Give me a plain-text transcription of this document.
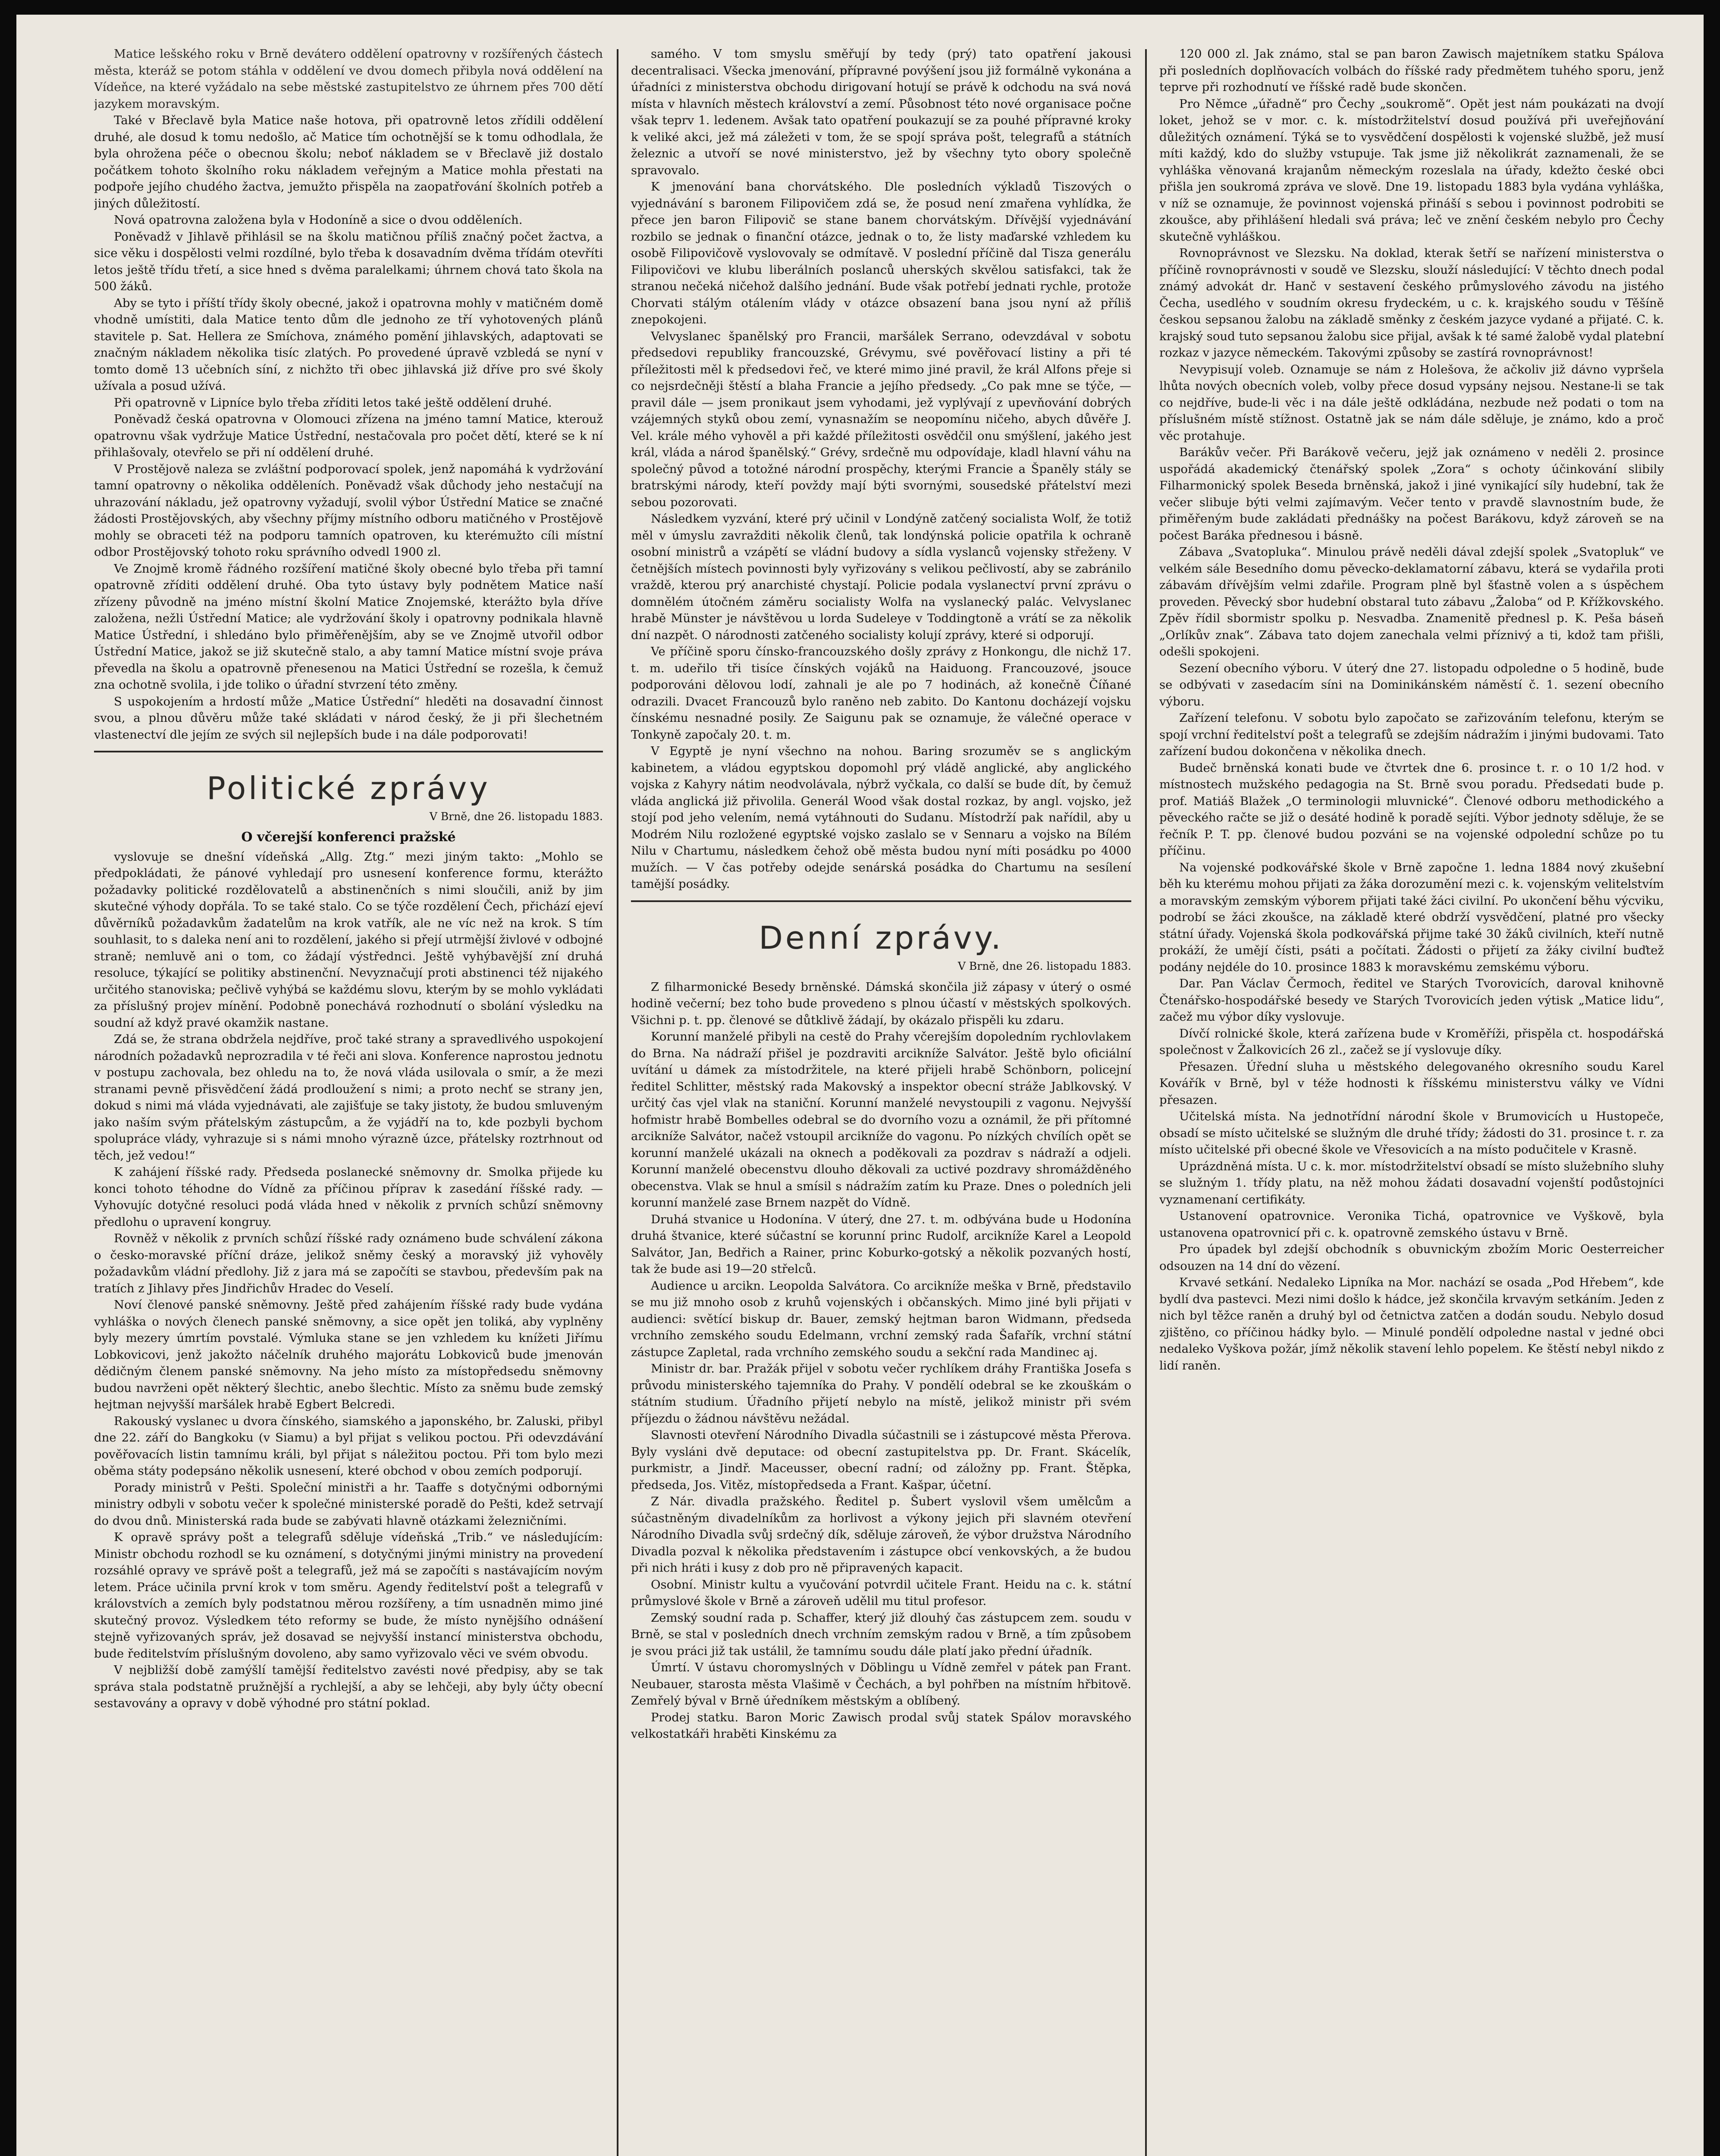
Matice lešského roku v Brně devátero oddělení opatrovny v rozšířených částech města, kteráž se potom stáhla v oddělení ve dvou domech přibyla nová oddělení na Vídeňce, na které vyžádalo na sebe městské zastupitelstvo ze úhrnem přes 700 dětí jazykem moravským.

Také v Břeclavě byla Matice naše hotova, při opatrovně letos zřídili oddělení druhé, ale dosud k tomu nedošlo, ač Matice tím ochotnější se k tomu odhodlala, že byla ohrožena péče o obecnou školu; neboť nákladem se v Břeclavě již dostalo počátkem tohoto školního roku nákladem veřejným a Matice mohla přestati na podpoře jejího chudého žactva, jemužto přispěla na zaopatřování školních potřeb a jiných důležitostí.

Nová opatrovna založena byla v Hodoníně a sice o dvou odděleních.

Poněvadž v Jihlavě přihlásil se na školu matičnou příliš značný počet žactva, a sice věku i dospělosti velmi rozdílné, bylo třeba k dosavadním dvěma třídám otevříti letos ještě třídu třetí, a sice hned s dvěma paralelkami; úhrnem chová tato škola na 500 žáků.

Aby se tyto i příští třídy školy obecné, jakož i opatrovna mohly v matičném domě vhodně umístiti, dala Matice tento dům dle jednoho ze tří vyhotovených plánů stavitele p. Sat. Hellera ze Smíchova, známého pomění jihlavských, adaptovati se značným nákladem několika tisíc zlatých. Po provedené úpravě vzbledá se nyní v tomto domě 13 učebních síní, z nichžto tři obec jihlavská již dříve pro své školy užívala a posud užívá.

Při opatrovně v Lipníce bylo třeba zříditi letos také ještě oddělení druhé.

Poněvadž česká opatrovna v Olomouci zřízena na jméno tamní Matice, kterouž opatrovnu však vydržuje Matice Ústřední, nestačovala pro počet dětí, které se k ní přihlašovaly, otevřelo se při ní oddělení druhé.

V Prostějově naleza se zvláštní podporovací spolek, jenž napomáhá k vydržování tamní opatrovny o několika odděleních. Poněvadž však důchody jeho nestačují na uhrazování nákladu, jež opatrovny vyžadují, svolil výbor Ústřední Matice se značné žádosti Prostějovských, aby všechny příjmy místního odboru matičného v Prostějově mohly se obraceti též na podporu tamních opatroven, ku kterémužto cíli místní odbor Prostějovský tohoto roku správního odvedl 1900 zl.

Ve Znojmě kromě řádného rozšíření matičné školy obecné bylo třeba při tamní opatrovně zříditi oddělení druhé. Oba tyto ústavy byly podnětem Matice naší zřízeny původně na jméno místní školní Matice Znojemské, kterážto byla dříve založena, nežli Ústřední Matice; ale vydržování školy i opatrovny podnikala hlavně Matice Ústřední, i shledáno bylo přiměřenějším, aby se ve Znojmě utvořil odbor Ústřední Matice, jakož se již skutečně stalo, a aby tamní Matice místní svoje práva převedla na školu a opatrovně přenesenou na Matici Ústřední se rozešla, k čemuž zna ochotně svolila, i jde toliko o úřadní stvrzení této změny.

S uspokojením a hrdostí může „Matice Ústřední“ hleděti na dosavadní činnost svou, a plnou důvěru může také skládati v národ český, že ji při šlechetném vlastenectví dle jejím ze svých sil nejlepších bude i na dále podporovati!

Politické zprávy
V Brně, dne 26. listopadu 1883.
O včerejší konferenci pražské

vyslovuje se dnešní vídeňská „Allg. Ztg.“ mezi jiným takto: „Mohlo se předpokládati, že pánové vyhledají pro usnesení konference formu, kterážto požadavky politické rozdělovatelů a abstinenčních s nimi sloučili, aniž by jim skutečné výhody dopřála. To se také stalo. Co se týče rozdělení Čech, přichází ejeví důvěrníků požadavkům žadatelům na krok vatřík, ale ne víc než na krok. S tím souhlasit, to s daleka není ani to rozdělení, jakého si přejí utrmější živlové v odbojné straně; nemluvě ani o tom, co žádají výstřednci. Ještě vyhýbavější zní druhá resoluce, týkající se politiky abstinenční. Nevyznačují proti abstinenci též nijakého určitého stanoviska; pečlivě vyhýbá se každému slovu, kterým by se mohlo vykládati za příslušný projev mínění. Podobně ponechává rozhodnutí o sbolání výsledku na soudní až když pravé okamžik nastane.

Zdá se, že strana obdržela nejdříve, proč také strany a spravedlivého uspokojení národních požadavků neprozradila v té řeči ani slova. Konference naprostou jednotu v postupu zachovala, bez ohledu na to, že nová vláda usilovala o smír, a že mezi stranami pevně přisvědčení žádá prodloužení s nimi; a proto nechť se strany jen, dokud s nimi má vláda vyjednávati, ale zajišťuje se taky jistoty, že budou smluveným jako naším svým přátelským zástupcům, a že vyjádří na to, kde pozbyli bychom spolupráce vlády, vyhrazuje si s námi mnoho výrazně úzce, přátelsky roztrhnout od těch, jež vedou!“

K zahájení říšské rady. Předseda poslanecké sněmovny dr. Smolka přijede ku konci tohoto téhodne do Vídně za příčinou příprav k zasedání říšské rady. — Vyhovujíc dotyčné resoluci podá vláda hned v několik z prvních schůzí sněmovny předlohu o upravení kongruy.

Rovněž v několik z prvních schůzí říšské rady oznámeno bude schválení zákona o česko-moravské příční dráze, jelikož sněmy český a moravský již vyhověly požadavkům vládní předlohy. Již z jara má se započíti se stavbou, především pak na tratích z Jihlavy přes Jindřichův Hradec do Veselí.

Noví členové panské sněmovny. Ještě před zahájením říšské rady bude vydána vyhláška o nových členech panské sněmovny, a sice opět jen toliká, aby vyplněny byly mezery úmrtím povstalé. Výmluka stane se jen vzhledem ku knížeti Jiřímu Lobkovicovi, jenž jakožto náčelník druhého majorátu Lobkoviců bude jmenován dědičným členem panské sněmovny. Na jeho místo za místopředsedu sněmovny budou navrženi opět některý šlechtic, anebo šlechtic. Místo za sněmu bude zemský hejtman nejvyšší maršálek hrabě Egbert Belcredi.

Rakouský vyslanec u dvora čínského, siamského a japonského, br. Zaluski, přibyl dne 22. září do Bangkoku (v Siamu) a byl přijat s velikou poctou. Při odevzdávání pověřovacích listin tamnímu králi, byl přijat s náležitou poctou. Při tom bylo mezi oběma státy podepsáno několik usnesení, které obchod v obou zemích podporují.

Porady ministrů v Pešti. Společní ministři a hr. Taaffe s dotyčnými odbornými ministry odbyli v sobotu večer k společné ministerské poradě do Pešti, kdež setrvají do dvou dnů. Ministerská rada bude se zabývati hlavně otázkami železničními.

K opravě správy pošt a telegrafů sděluje vídeňská „Trib.“ ve následujícím: Ministr obchodu rozhodl se ku oznámení, s dotyčnými jinými ministry na provedení rozsáhlé opravy ve správě pošt a telegrafů, jež má se započíti s nastávajícím novým letem. Práce učinila první krok v tom směru. Agendy ředitelství pošt a telegrafů v královstvích a zemích byly podstatnou měrou rozšířeny, a tím usnadněn mimo jiné skutečný provoz. Výsledkem této reformy se bude, že místo nynějšího odnášení stejně vyřizovaných správ, jež dosavad se nejvyšší instancí ministerstva obchodu, bude ředitelstvím příslušným dovoleno, aby samo vyřizovalo věci ve svém obvodu.

V nejbližší době zamýšlí tamější ředitelstvo zavésti nové předpisy, aby se tak správa stala podstatně pružnější a rychlejší, a aby se lehčeji, aby byly účty obecní sestavovány a opravy v době výhodné pro státní poklad.

samého. V tom smyslu směřují by tedy (prý) tato opatření jakousi decentralisaci. Všecka jmenování, přípravné povýšení jsou již formálně vykonána a úřadníci z ministerstva obchodu dirigovaní hotují se právě k odchodu na svá nová místa v hlavních městech království a zemí. Působnost této nové organisace počne však teprv 1. ledenem. Avšak tato opatření poukazují se za pouhé přípravné kroky k veliké akci, jež má záležeti v tom, že se spojí správa pošt, telegrafů a státních železnic a utvoří se nové ministerstvo, jež by všechny tyto obory společně spravovalo.

K jmenování bana chorvátského. Dle posledních výkladů Tiszových o vyjednávání s baronem Filipovičem zdá se, že posud není zmařena vyhlídka, že přece jen baron Filipovič se stane banem chorvátským. Dřívější vyjednávání rozbilo se jednak o finanční otázce, jednak o to, že listy maďarské vzhledem ku osobě Filipovičově vyslovovaly se odmítavě. V poslední příčině dal Tisza generálu Filipovičovi ve klubu liberálních poslanců uherských skvělou satisfakci, tak že stranou nečeká ničehož dalšího jednání. Bude však potřebí jednati rychle, protože Chorvati stálým otálením vlády v otázce obsazení bana jsou nyní až příliš znepokojeni.

Velvyslanec španělský pro Francii, maršálek Serrano, odevzdával v sobotu předsedovi republiky francouzské, Grévymu, své pověřovací listiny a při té příležitosti měl k předsedovi řeč, ve které mimo jiné pravil, že král Alfons přeje si co nejsrdečněji štěstí a blaha Francie a jejího předsedy. „Co pak mne se týče, — pravil dále — jsem pronikaut jsem vyhodami, jež vyplývají z upevňování dobrých vzájemných styků obou zemí, vynasnažím se neopomínu ničeho, abych důvěře J. Vel. krále mého vyhověl a při každé příležitosti osvědčil onu smýšlení, jakého jest král, vláda a národ španělský.“ Grévy, srdečně mu odpovídaje, kladl hlavní váhu na společný původ a totožné národní prospěchy, kterými Francie a Španěly stály se bratrskými národy, kteří povždy mají býti svornými, sousedské přátelství mezi sebou pozorovati.

Následkem vyzvání, které prý učinil v Londýně zatčený socialista Wolf, že totiž měl v úmyslu zavražditi několik členů, tak londýnská policie opatřila k ochraně osobní ministrů a vzápětí se vládní budovy a sídla vyslanců vojensky střeženy. V četnějších místech povinnosti byly vyřizovány s velikou pečlivostí, aby se zabránilo vraždě, kterou prý anarchisté chystají. Policie podala vyslanectví první zprávu o domnělém útočném záměru socialisty Wolfa na vyslanecký palác. Velvyslanec hrabě Münster je návštěvou u lorda Sudeleye v Toddingtoně a vrátí se za několik dní nazpět. O národnosti zatčeného socialisty kolují zprávy, které si odporují.

Ve příčině sporu čínsko-francouzského došly zprávy z Honkongu, dle nichž 17. t. m. udeřilo tři tisíce čínských vojáků na Haiduong. Francouzové, jsouce podporováni dělovou lodí, zahnali je ale po 7 hodinách, až konečně Číňané odrazili. Dvacet Francouzů bylo raněno neb zabito. Do Kantonu docházejí vojsku čínskému nesnadné posily. Ze Saigunu pak se oznamuje, že válečné operace v Tonkyně započaly 20. t. m.

V Egyptě je nyní všechno na nohou. Baring srozuměv se s anglickým kabinetem, a vládou egyptskou dopomohl prý vládě anglické, aby anglického vojska z Kahyry nátim neodvolávala, nýbrž vyčkala, co další se bude dít, by čemuž vláda anglická již přivolila. Generál Wood však dostal rozkaz, by angl. vojsko, jež stojí pod jeho velením, nemá vytáhnouti do Sudanu. Místodrží pak nařídil, aby u Modrém Nilu rozložené egyptské vojsko zaslalo se v Sennaru a vojsko na Bílém Nilu v Chartumu, následkem čehož obě města budou nyní míti posádku po 4000 mužích. — V čas potřeby odejde senárská posádka do Chartumu na sesílení tamější posádky.

Denní zprávy.
V Brně, dne 26. listopadu 1883.

Z filharmonické Besedy brněnské. Dámská skončila již zápasy v úterý o osmé hodině večerní; bez toho bude provedeno s plnou účastí v městských spolkových. Všichni p. t. pp. členové se důtklivě žádají, by okázalo přispěli ku zdaru.

Korunní manželé přibyli na cestě do Prahy včerejším dopoledním rychlovlakem do Brna. Na nádraží přišel je pozdraviti arcikníže Salvátor. Ještě bylo oficiální uvítání u dámek za místodržitele, na které přijeli hrabě Schönborn, policejní ředitel Schlitter, městský rada Makovský a inspektor obecní stráže Jablkovský. V určitý čas vjel vlak na staniční. Korunní manželé nevystoupili z vagonu. Nejvyšší hofmistr hrabě Bombelles odebral se do dvorního vozu a oznámil, že při přítomné arcikníže Salvátor, načež vstoupil arcikníže do vagonu. Po nízkých chvílích opět se korunní manželé ukázali na oknech a poděkovali za pozdrav s nádraží a odjeli. Korunní manželé obecenstvu dlouho děkovali za uctivé pozdravy shromážděného obecenstva. Vlak se hnul a smísil s nádražím zatím ku Praze. Dnes o poledních jeli korunní manželé zase Brnem nazpět do Vídně.

Druhá stvanice u Hodonína. V úterý, dne 27. t. m. odbývána bude u Hodonína druhá štvanice, které súčastní se korunní princ Rudolf, arcikníže Karel a Leopold Salvátor, Jan, Bedřich a Rainer, princ Koburko-gotský a několik pozvaných hostí, tak že bude asi 19—20 střelců.

Audience u arcikn. Leopolda Salvátora. Co arcikníže meška v Brně, představilo se mu již mnoho osob z kruhů vojenských i občanských. Mimo jiné byli přijati v audienci: světící biskup dr. Bauer, zemský hejtman baron Widmann, předseda vrchního zemského soudu Edelmann, vrchní zemský rada Šafařík, vrchní státní zástupce Zapletal, rada vrchního zemského soudu a sekční rada Mandinec aj.

Ministr dr. bar. Pražák přijel v sobotu večer rychlíkem dráhy Františka Josefa s průvodu ministerského tajemníka do Prahy. V pondělí odebral se ke zkouškám o státním studium. Úřadního přijetí nebylo na místě, jelikož ministr při svém příjezdu o žádnou návštěvu nežádal.

Slavnosti otevření Národního Divadla súčastnili se i zástupcové města Přerova. Byly vysláni dvě deputace: od obecní zastupitelstva pp. Dr. Frant. Skácelík, purkmistr, a Jindř. Maceusser, obecní radní; od záložny pp. Frant. Štěpka, předseda, Jos. Vitěz, místopředseda a Frant. Kašpar, účetní.

Z Nár. divadla pražského. Ředitel p. Šubert vyslovil všem umělcům a súčastněným divadelníkům za horlivost a výkony jejich při slavném otevření Národního Divadla svůj srdečný dík, sděluje zároveň, že výbor družstva Národního Divadla pozval k několika představením i zástupce obcí venkovských, a že budou při nich hráti i kusy z dob pro ně připravených kapacit.

Osobní. Ministr kultu a vyučování potvrdil učitele Frant. Heidu na c. k. státní průmyslové škole v Brně a zároveň udělil mu titul profesor.

Zemský soudní rada p. Schaffer, který již dlouhý čas zástupcem zem. soudu v Brně, se stal v posledních dnech vrchním zemským radou v Brně, a tím způsobem je svou práci již tak ustálil, že tamnímu soudu dále platí jako přední úřadník.

Úmrtí. V ústavu choromyslných v Döblingu u Vídně zemřel v pátek pan Frant. Neubauer, starosta města Vlašimě v Čechách, a byl pohřben na místním hřbitově. Zemřelý býval v Brně úředníkem městským a oblíbený.

Prodej statku. Baron Moric Zawisch prodal svůj statek Spálov moravského velkostatkáři hraběti Kinskému za

120 000 zl. Jak známo, stal se pan baron Zawisch majetníkem statku Spálova při posledních doplňovacích volbách do říšské rady předmětem tuhého sporu, jenž teprve při rozhodnutí ve říšské radě bude skončen.

Pro Němce „úřadně“ pro Čechy „soukromě“. Opět jest nám poukázati na dvojí loket, jehož se v mor. c. k. místodržitelství dosud používá při uveřejňování důležitých oznámení. Týká se to vysvědčení dospělosti k vojenské službě, jež musí míti každý, kdo do služby vstupuje. Tak jsme již několikrát zaznamenali, že se vyhláška věnovaná krajanům německým rozeslala na úřady, kdežto české obci přišla jen soukromá zpráva ve slově. Dne 19. listopadu 1883 byla vydána vyhláška, v níž se oznamuje, že povinnost vojenská přináší s sebou i povinnost podrobiti se zkoušce, aby přihlášení hledali svá práva; leč ve znění českém nebylo pro Čechy skutečně vyhláškou.

Rovnoprávnost ve Slezsku. Na doklad, kterak šetří se nařízení ministerstva o příčině rovnoprávnosti v soudě ve Slezsku, slouží následující: V těchto dnech podal známý advokát dr. Hanč v sestavení českého průmyslového závodu na jistého Čecha, usedlého v soudním okresu frydeckém, u c. k. krajského soudu v Těšíně českou sepsanou žalobu na základě směnky z českém jazyce vydané a přijaté. C. k. krajský soud tuto sepsanou žalobu sice přijal, avšak k té samé žalobě vydal platební rozkaz v jazyce německém. Takovými způsoby se zastírá rovnoprávnost!

Nevypisují voleb. Oznamuje se nám z Holešova, že ačkoliv již dávno vypršela lhůta nových obecních voleb, volby přece dosud vypsány nejsou. Nestane-li se tak co nejdříve, bude-li věc i na dále ještě odkládána, nezbude než podati o tom na příslušném místě stížnost. Ostatně jak se nám dále sděluje, je známo, kdo a proč věc protahuje.

Barákův večer. Při Barákově večeru, jejž jak oznámeno v neděli 2. prosince uspořádá akademický čtenářský spolek „Zora“ s ochoty účinkování slibily Filharmonický spolek Beseda brněnská, jakož i jiné vynikající síly hudební, tak že večer slibuje býti velmi zajímavým. Večer tento v pravdě slavnostním bude, že přiměřeným bude zakládati přednášky na počest Barákovu, když zároveň se na počest Baráka přednesou i básně.

Zábava „Svatopluka“. Minulou právě neděli dával zdejší spolek „Svatopluk“ ve velkém sále Besedního domu pěvecko-deklamatorní zábavu, která se vydařila proti zábavám dřívějším velmi zdařile. Program plně byl šťastně volen a s úspěchem proveden. Pěvecký sbor hudební obstaral tuto zábavu „Žaloba“ od P. Křížkovského. Zpěv řídil sbormistr spolku p. Nesvadba. Znamenitě přednesl p. K. Peša báseň „Orlíkův znak“. Zábava tato dojem zanechala velmi příznivý a ti, kdož tam přišli, odešli spokojeni.

Sezení obecního výboru. V úterý dne 27. listopadu odpoledne o 5 hodině, bude se odbývati v zasedacím síni na Dominikánském náměstí č. 1. sezení obecního výboru.

Zařízení telefonu. V sobotu bylo započato se zařizováním telefonu, kterým se spojí vrchní ředitelství pošt a telegrafů se zdejším nádražím i jinými budovami. Tato zařízení budou dokončena v několika dnech.

Budeč brněnská konati bude ve čtvrtek dne 6. prosince t. r. o 10 1/2 hod. v místnostech mužského pedagogia na St. Brně svou poradu. Předsedati bude p. prof. Matiáš Blažek „O terminologii mluvnické“. Členové odboru methodického a pěveckého račte se již o desáté hodině k poradě sejíti. Výbor jednoty sděluje, že se řečník P. T. pp. členové budou pozváni se na vojenské odpolední schůze po tu příčinu.

Na vojenské podkovářské škole v Brně započne 1. ledna 1884 nový zkušební běh ku kterému mohou přijati za žáka dorozumění mezi c. k. vojenským velitelstvím a moravským zemským výborem přijati také žáci civilní. Po ukončení běhu výcviku, podrobí se žáci zkoušce, na základě které obdrží vysvědčení, platné pro všecky státní úřady. Vojenská škola podkovářská přijme také 30 žáků civilních, kteří nutně prokáží, že umějí čísti, psáti a počítati. Žádosti o přijetí za žáky civilní buďtež podány nejdéle do 10. prosince 1883 k moravskému zemskému výboru.

Dar. Pan Václav Čermoch, ředitel ve Starých Tvorovicích, daroval knihovně Čtenářsko-hospodářské besedy ve Starých Tvorovicích jeden výtisk „Matice lidu“, začež mu výbor díky vyslovuje.

Dívčí rolnické škole, která zařízena bude v Kroměříži, přispěla ct. hospodářská společnost v Žalkovicích 26 zl., začež se jí vyslovuje díky.

Přesazen. Úřední sluha u městského delegovaného okresního soudu Karel Kovářík v Brně, byl v téže hodnosti k říšskému ministerstvu války ve Vídni přesazen.

Učitelská místa. Na jednotřídní národní škole v Brumovicích u Hustopeče, obsadí se místo učitelské se služným dle druhé třídy; žádosti do 31. prosince t. r. za místo učitelské při obecné škole ve Vřesovicích a na místo podučitele v Krasně.

Uprázdněná místa. U c. k. mor. místodržitelství obsadí se místo služebního sluhy se služným 1. třídy platu, na něž mohou žádati dosavadní vojenští podůstojníci vyznamenaní certifikáty.

Ustanovení opatrovnice. Veronika Tichá, opatrovnice ve Vyškově, byla ustanovena opatrovnicí při c. k. opatrovně zemského ústavu v Brně.

Pro úpadek byl zdejší obchodník s obuvnickým zbožím Moric Oesterreicher odsouzen na 14 dní do vězení.

Krvavé setkání. Nedaleko Lipníka na Mor. nachází se osada „Pod Hřebem“, kde bydlí dva pastevci. Mezi nimi došlo k hádce, jež skončila krvavým setkáním. Jeden z nich byl těžce raněn a druhý byl od četnictva zatčen a dodán soudu. Nebylo dosud zjištěno, co příčinou hádky bylo. — Minulé pondělí odpoledne nastal v jedné obci nedaleko Vyškova požár, jímž několik stavení lehlo popelem. Ke štěstí nebyl nikdo z lidí raněn.
